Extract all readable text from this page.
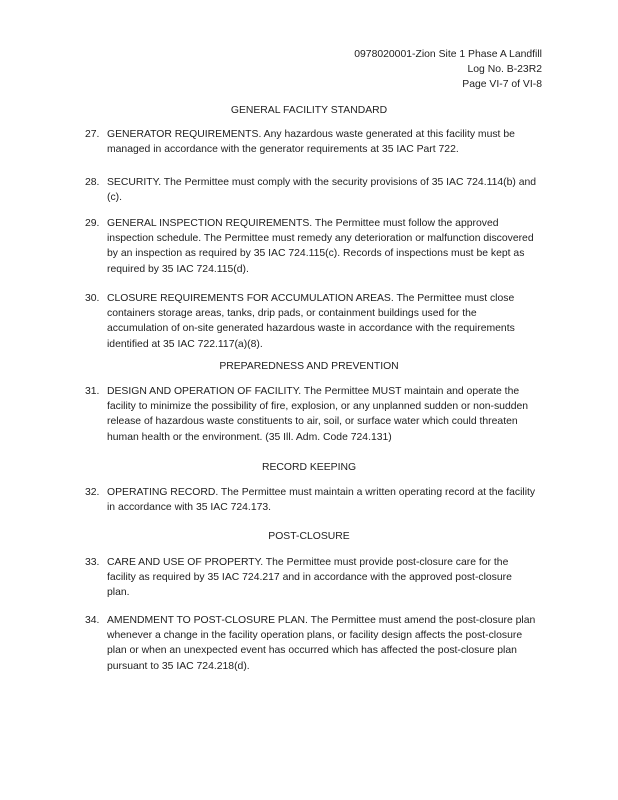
0978020001-Zion Site 1 Phase A Landfill
Log No. B-23R2
Page VI-7 of VI-8
GENERAL FACILITY STANDARD
27. GENERATOR REQUIREMENTS. Any hazardous waste generated at this facility must be managed in accordance with the generator requirements at 35 IAC Part 722.
28. SECURITY. The Permittee must comply with the security provisions of 35 IAC 724.114(b) and (c).
29. GENERAL INSPECTION REQUIREMENTS. The Permittee must follow the approved inspection schedule. The Permittee must remedy any deterioration or malfunction discovered by an inspection as required by 35 IAC 724.115(c). Records of inspections must be kept as required by 35 IAC 724.115(d).
30. CLOSURE REQUIREMENTS FOR ACCUMULATION AREAS. The Permittee must close containers storage areas, tanks, drip pads, or containment buildings used for the accumulation of on-site generated hazardous waste in accordance with the requirements identified at 35 IAC 722.117(a)(8).
PREPAREDNESS AND PREVENTION
31. DESIGN AND OPERATION OF FACILITY. The Permittee MUST maintain and operate the facility to minimize the possibility of fire, explosion, or any unplanned sudden or non-sudden release of hazardous waste constituents to air, soil, or surface water which could threaten human health or the environment. (35 Ill. Adm. Code 724.131)
RECORD KEEPING
32. OPERATING RECORD. The Permittee must maintain a written operating record at the facility in accordance with 35 IAC 724.173.
POST-CLOSURE
33. CARE AND USE OF PROPERTY. The Permittee must provide post-closure care for the facility as required by 35 IAC 724.217 and in accordance with the approved post-closure plan.
34. AMENDMENT TO POST-CLOSURE PLAN. The Permittee must amend the post-closure plan whenever a change in the facility operation plans, or facility design affects the post-closure plan or when an unexpected event has occurred which has affected the post-closure plan pursuant to 35 IAC 724.218(d).
